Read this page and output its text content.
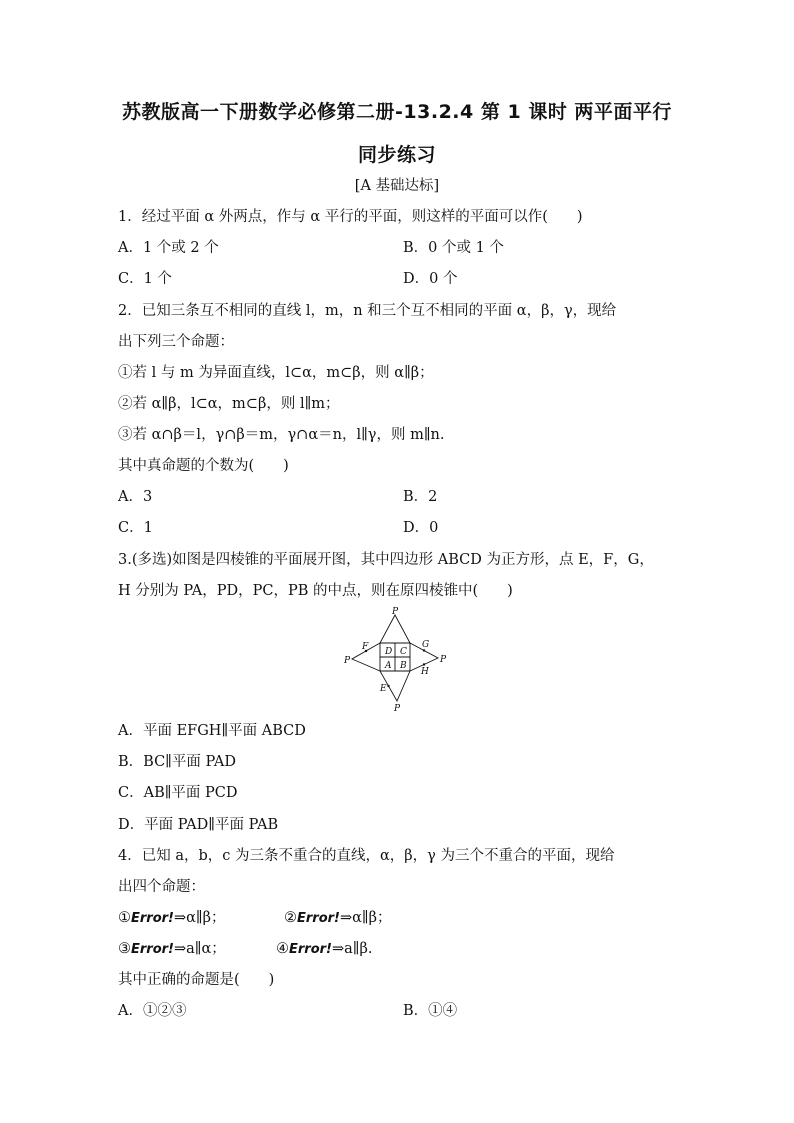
苏教版高一下册数学必修第二册-13.2.4 第 1 课时 两平面平行
同步练习
[A 基础达标]
1．经过平面 α 外两点，作与 α 平行的平面，则这样的平面可以作(　　)
A．1 个或 2 个	B．0 个或 1 个
C．1 个	D．0 个
2．已知三条互不相同的直线 l，m，n 和三个互不相同的平面 α，β，γ，现给
出下列三个命题：
①若 l 与 m 为异面直线，l⊂α，m⊂β，则 α∥β；
②若 α∥β，l⊂α，m⊂β，则 l∥m；
③若 α∩β＝l，γ∩β＝m，γ∩α＝n，l∥γ，则 m∥n.
其中真命题的个数为(　　)
A．3	B．2
C．1	D．0
3.(多选)如图是四棱锥的平面展开图，其中四边形 ABCD 为正方形，点 E，F，G，
H 分别为 PA，PD，PC，PB 的中点，则在原四棱锥中(　　)
P
P	P
P
D C
A B
F	G
H
E
A．平面 EFGH∥平面 ABCD
B．BC∥平面 PAD
C．AB∥平面 PCD
D．平面 PAD∥平面 PAB
4．已知 a，b，c 为三条不重合的直线，α，β，γ 为三个不重合的平面，现给
出四个命题：
①Error!⇒α∥β；	②Error!⇒α∥β；
③Error!⇒a∥α；	④Error!⇒a∥β.
其中正确的命题是(　　)
A．①②③	B．①④
